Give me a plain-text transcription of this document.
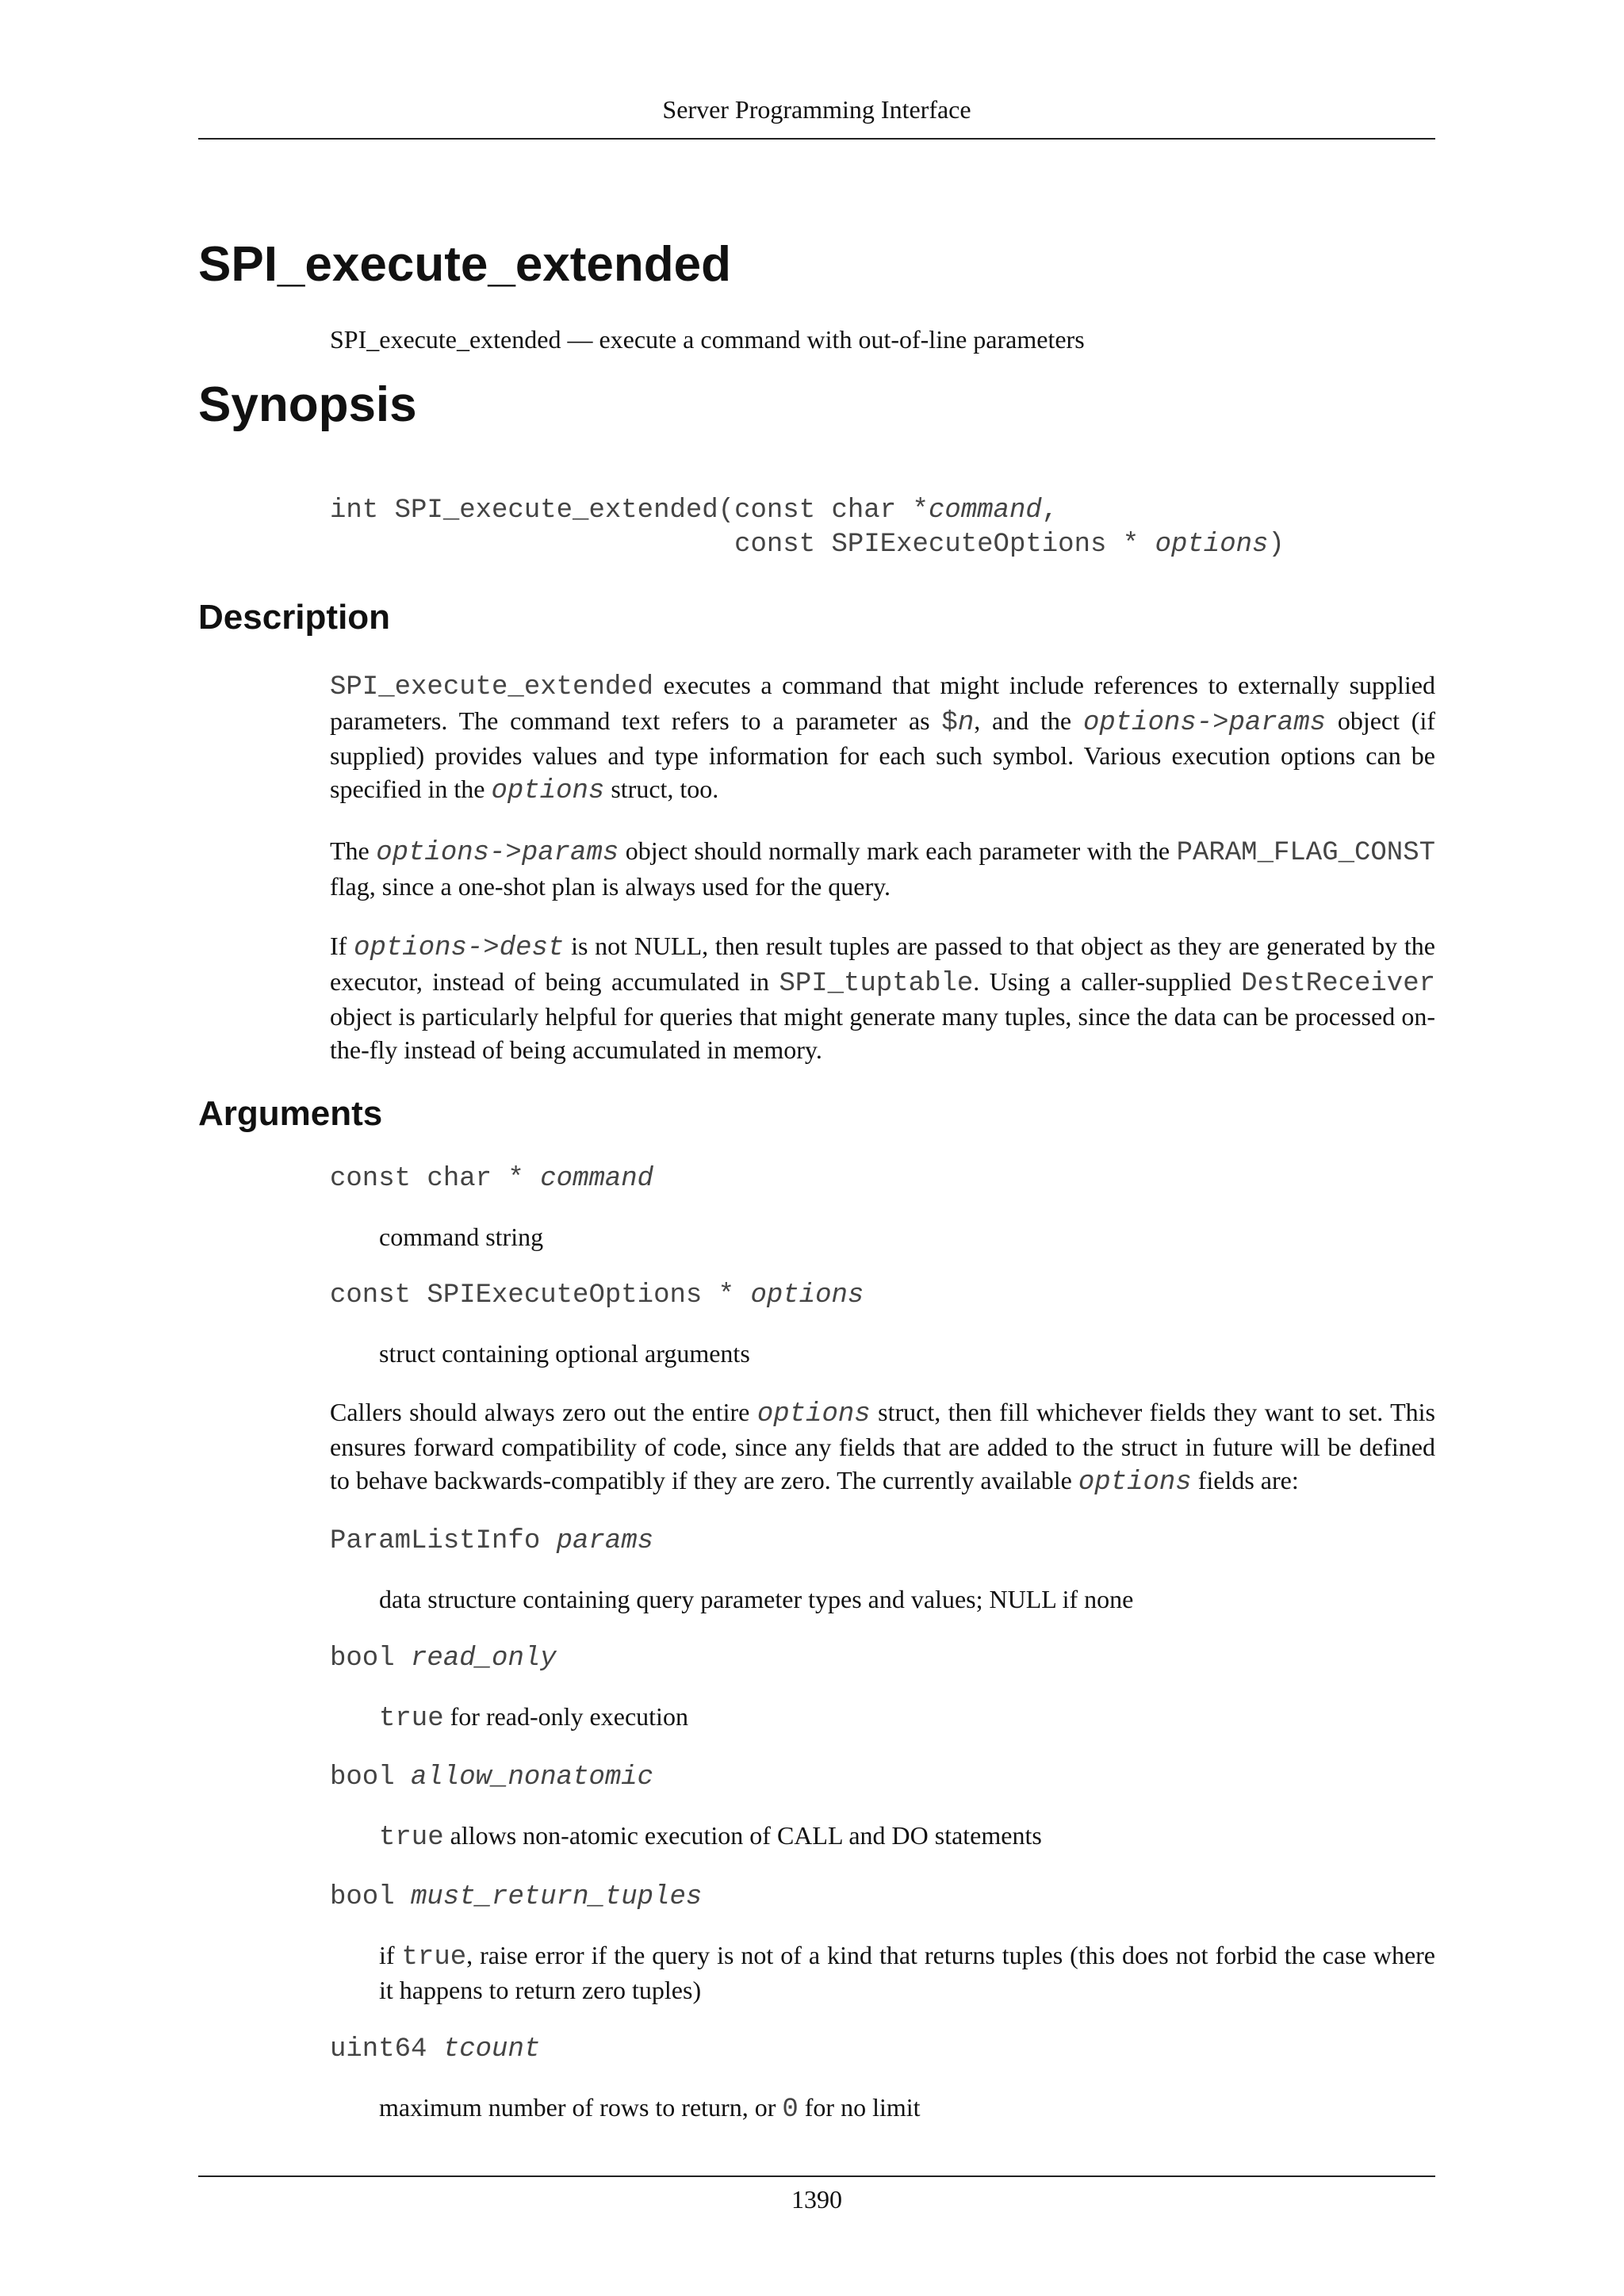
Server Programming Interface
SPI_execute_extended
SPI_execute_extended — execute a command with out-of-line parameters
Synopsis
int SPI_execute_extended(const char *command,
const SPIExecuteOptions * options)
Description

SPI_execute_extended executes a command that might include references to externally supplied parameters. The command text refers to a parameter as $n, and the options->params object (if supplied) provides values and type information for each such symbol. Various execution options can be specified in the options struct, too.

The options->params object should normally mark each parameter with the PARAM_FLAG_CONST flag, since a one-shot plan is always used for the query.

If options->dest is not NULL, then result tuples are passed to that object as they are generated by the executor, instead of being accumulated in SPI_tuptable. Using a caller-supplied DestReceiver object is particularly helpful for queries that might generate many tuples, since the data can be processed on-the-fly instead of being accumulated in memory.

Arguments
const char * command
command string
const SPIExecuteOptions * options
struct containing optional arguments

Callers should always zero out the entire options struct, then fill whichever fields they want to set. This ensures forward compatibility of code, since any fields that are added to the struct in future will be defined to behave backwards-compatibly if they are zero. The currently available options fields are:

ParamListInfo params
data structure containing query parameter types and values; NULL if none
bool read_only
true for read-only execution
bool allow_nonatomic
true allows non-atomic execution of CALL and DO statements
bool must_return_tuples
if true, raise error if the query is not of a kind that returns tuples (this does not forbid the case where it happens to return zero tuples)
uint64 tcount
maximum number of rows to return, or 0 for no limit
1390
